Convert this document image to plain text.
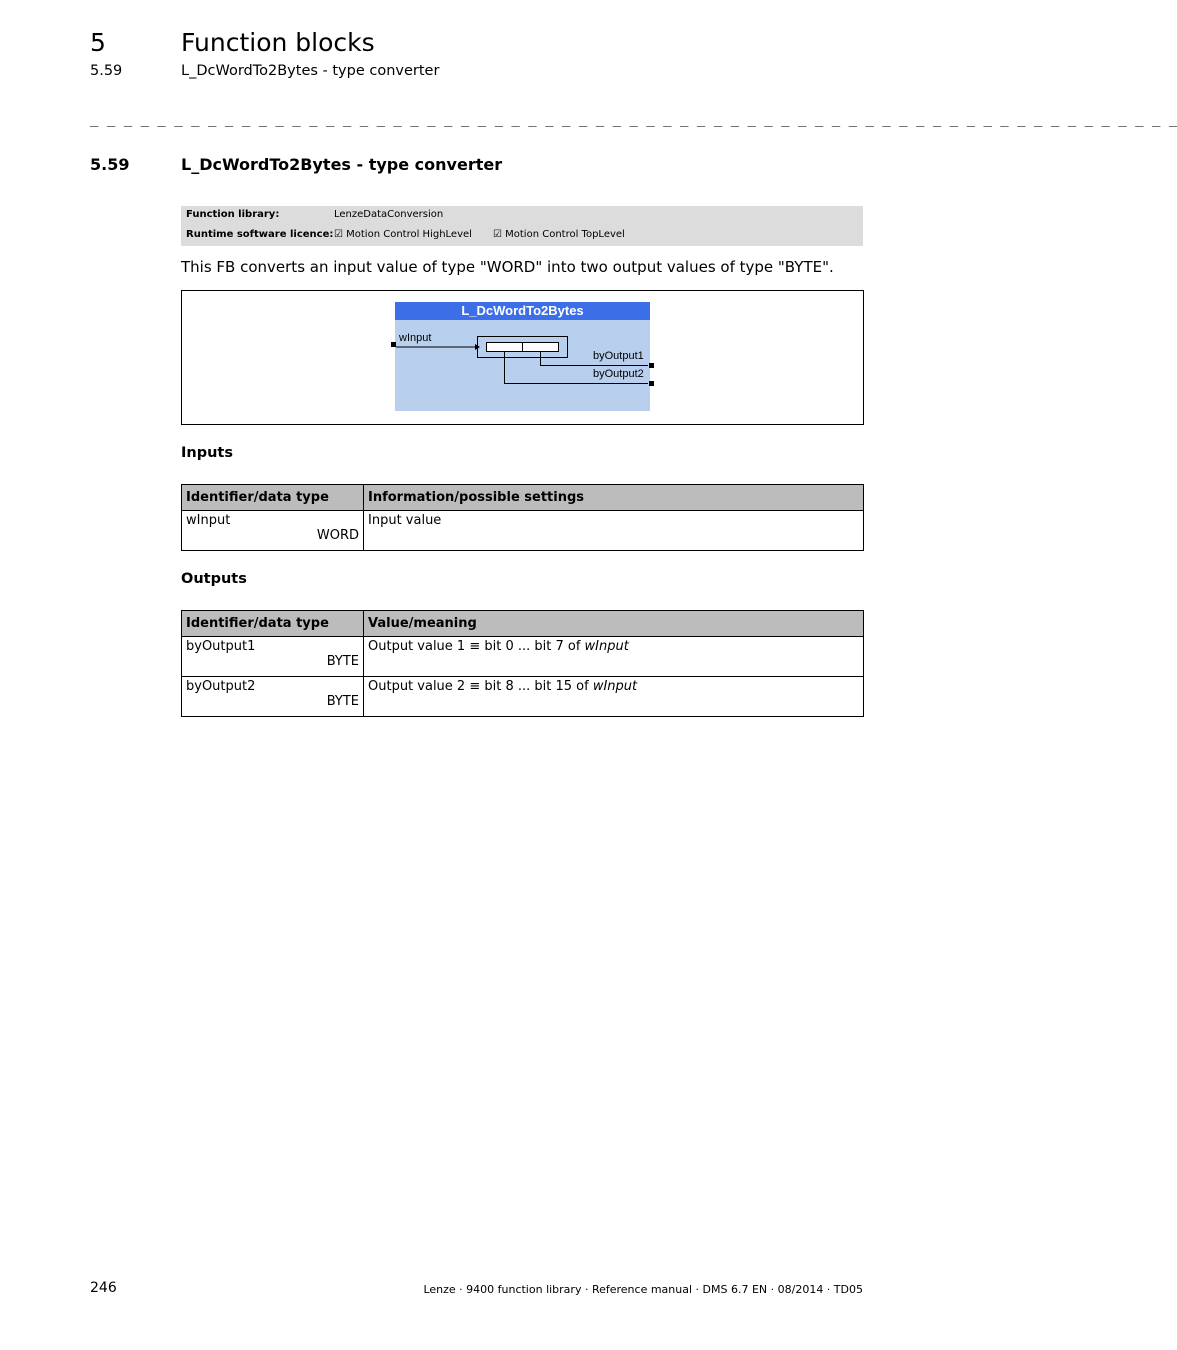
5	Function blocks
5.59	L_DcWordTo2Bytes - type converter
_ _ _ _ _ _ _ _ _ _ _ _ _ _ _ _ _ _ _ _ _ _ _ _ _ _ _ _ _ _ _ _ _ _ _ _ _ _ _ _ _ _ _ _ _ _ _ _ _ _ _ _ _ _ _ _ _ _ _ _ _ _ _ _ _
5.59	L_DcWordTo2Bytes - type converter
Function library:	LenzeDataConversion
Runtime software licence: ☑ Motion Control HighLevel ☑ Motion Control TopLevel
This FB converts an input value of type "WORD" into two output values of type "BYTE".
L_DcWordTo2Bytes
wInput
byOutput1
byOutput2
Inputs
Identifier/data type	Information/possible settings
wInput
WORD	Input value
Outputs
Identifier/data type	Value/meaning
byOutput1
BYTE	Output value 1 ≡ bit 0 ... bit 7 of wInput
byOutput2
BYTE	Output value 2 ≡ bit 8 ... bit 15 of wInput
246	Lenze · 9400 function library · Reference manual · DMS 6.7 EN · 08/2014 · TD05
